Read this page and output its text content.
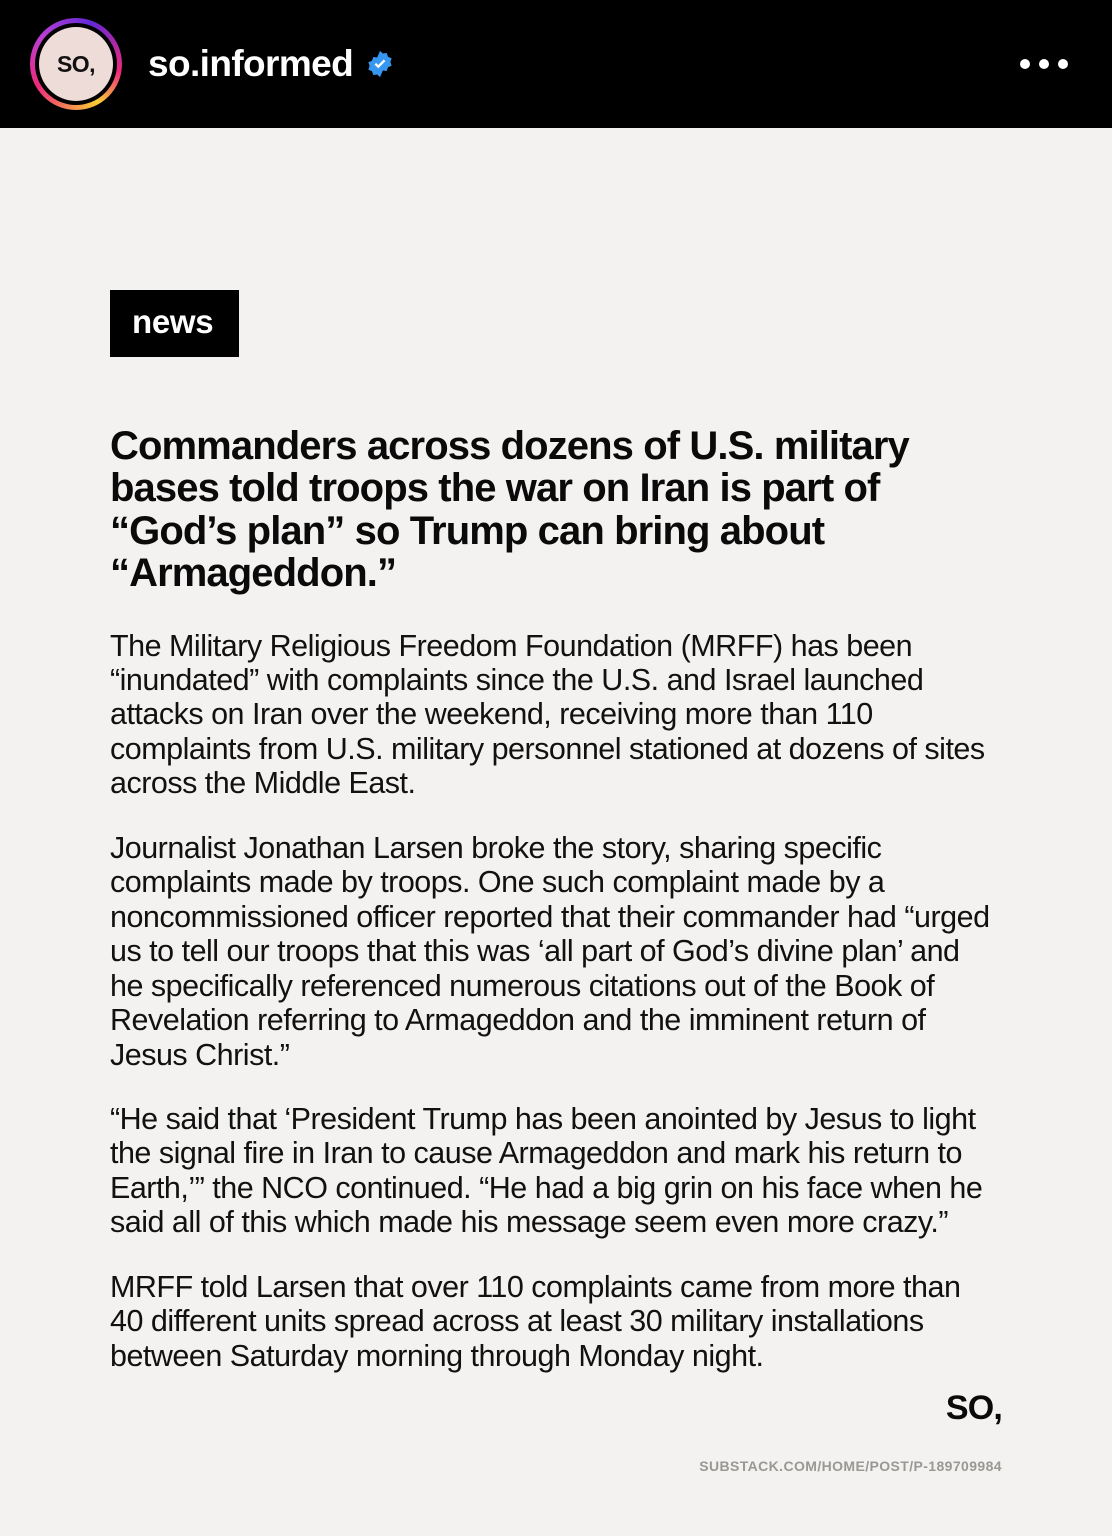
SO,	so.informed
news
Commanders across dozens of U.S. military bases told troops the war on Iran is part of “God’s plan” so Trump can bring about “Armageddon.”

The Military Religious Freedom Foundation (MRFF) has been “inundated” with complaints since the U.S. and Israel launched attacks on Iran over the weekend, receiving more than 110 complaints from U.S. military personnel stationed at dozens of sites across the Middle East.

Journalist Jonathan Larsen broke the story, sharing specific complaints made by troops. One such complaint made by a noncommissioned officer reported that their commander had “urged us to tell our troops that this was ‘all part of God’s divine plan’ and he specifically referenced numerous citations out of the Book of Revelation referring to Armageddon and the imminent return of Jesus Christ.”

“He said that ‘President Trump has been anointed by Jesus to light the signal fire in Iran to cause Armageddon and mark his return to Earth,’” the NCO continued. “He had a big grin on his face when he said all of this which made his message seem even more crazy.”

MRFF told Larsen that over 110 complaints came from more than 40 different units spread across at least 30 military installations between Saturday morning through Monday night.

SO,
SUBSTACK.COM/HOME/POST/P-189709984
